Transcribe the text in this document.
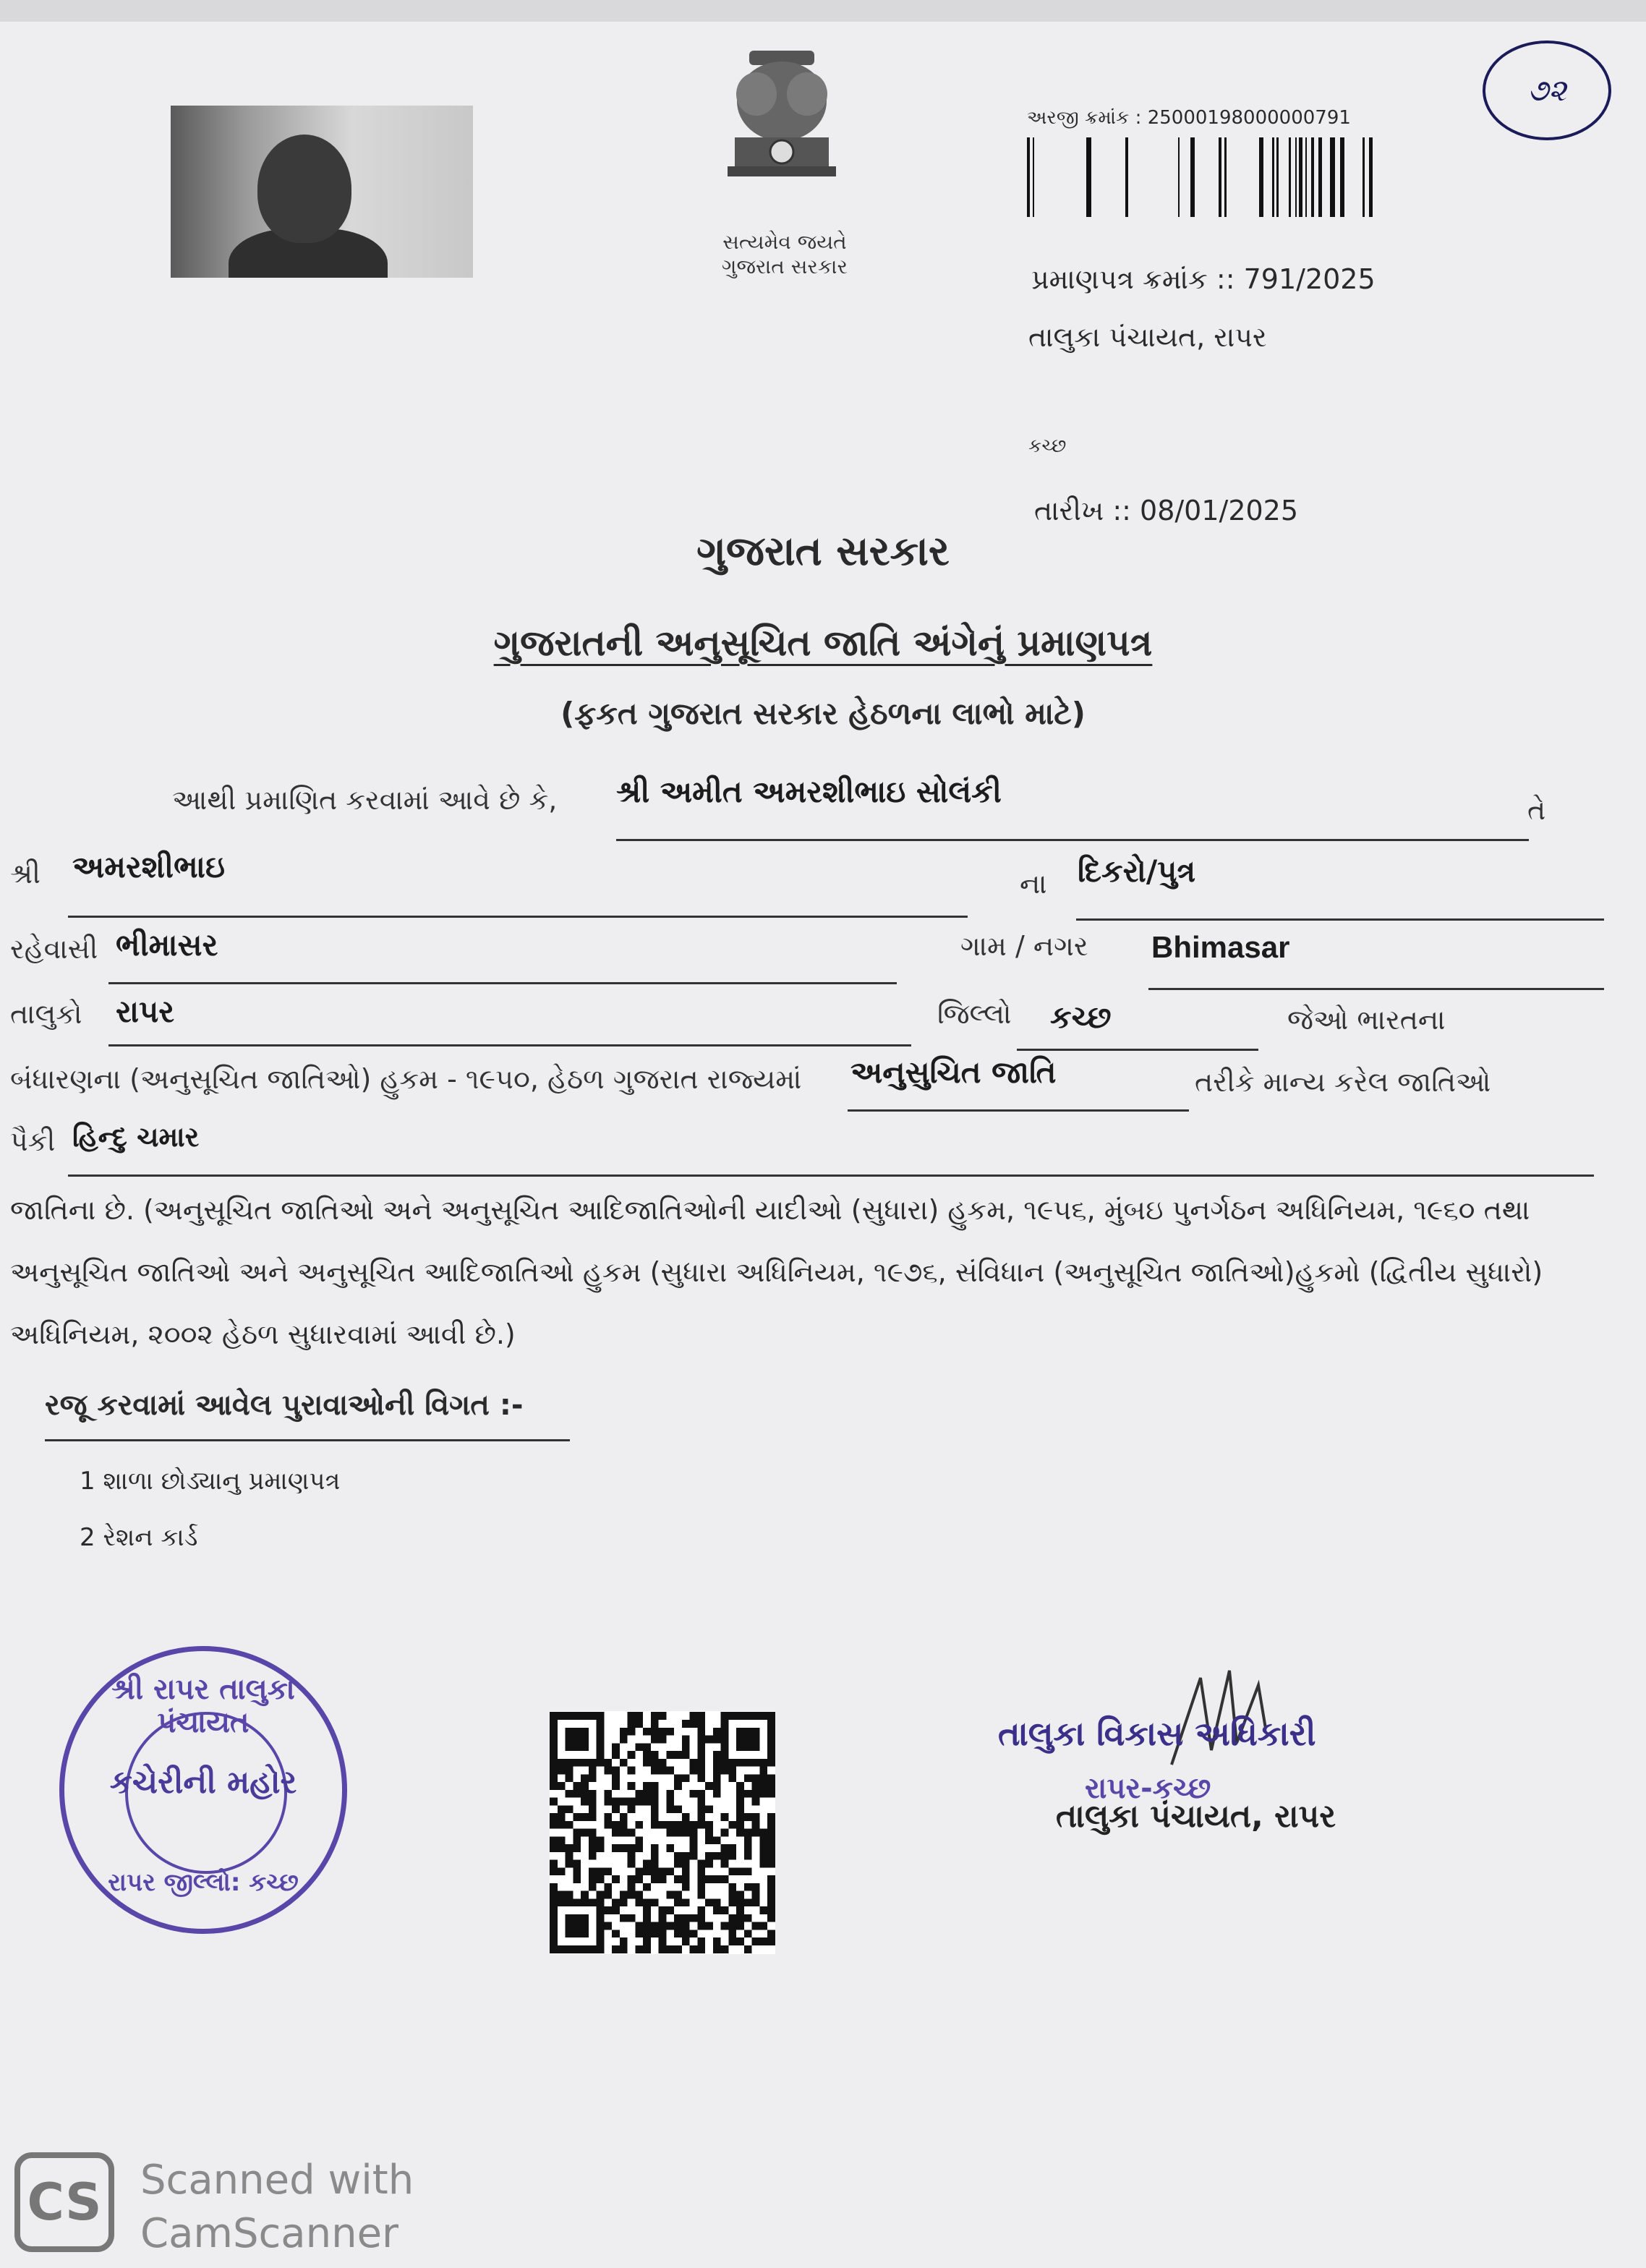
સત્યમેવ જયતે
ગુજરાત સરકાર
અરજી ક્રમાંક : 250001980000007​91
૭૨
પ્રમાણપત્ર ક્રમાંક :: 791/2025
તાલુકા પંચાયત, રાપર
કચ્છ
તારીખ :: 08/01/2025
ગુજરાત સરકાર
ગુજરાતની અનુસૂચિત જાતિ અંગેનું પ્રમાણપત્ર
(ફકત ગુજરાત સરકાર હેઠળના લાભો માટે)
આથી પ્રમાણિત કરવામાં આવે છે કે, શ્રી અમીત અમરશીભાઇ સોલંકી
તે
શ્રી અમરશીભાઇ	ના દિકરો/પુત્ર
રહેવાસી ભીમાસર	ગામ / નગર Bhimasar
તાલુકો રાપર	જિલ્લો કચ્છ	જેઓ ભારતના
બંધારણના (અનુસૂચિત જાતિઓ) હુકમ - ૧૯૫૦, હેઠળ ગુજરાત રાજ્યમાં અનુસુચિત જાતિ	તરીકે માન્ય કરેલ જાતિઓ
પૈકી હિન્દુ ચમાર
જાતિના છે. (અનુસૂચિત જાતિઓ અને અનુસૂચિત આદિજાતિઓની યાદીઓ (સુધારા) હુકમ, ૧૯૫૬, મુંબઇ પુનર્ગઠન અધિનિયમ, ૧૯૬૦ તથા
અનુસૂચિત જાતિઓ અને અનુસૂચિત આદિજાતિઓ હુકમ (સુધારા અધિનિયમ, ૧૯૭૬, સંવિધાન (અનુસૂચિત જાતિઓ)હુકમો (દ્વિતીય સુધારો)
અધિનિયમ, ૨૦૦૨ હેઠળ સુધારવામાં આવી છે.)
રજૂ કરવામાં આવેલ પુરાવાઓની વિગત :-
1 શાળા છોડ્યાનુ પ્રમાણપત્ર
2 રેશન કાર્ડ
શ્રી રાપર તાલુકા પંચાયત
કચેરીની મહોર
રાપર જીલ્લો: કચ્છ
તાલુકા વિકાસ અધિકારી
રાપર-કચ્છ
તાલુકા પંચાયત, રાપર
CS Scanned with
CamScanner
